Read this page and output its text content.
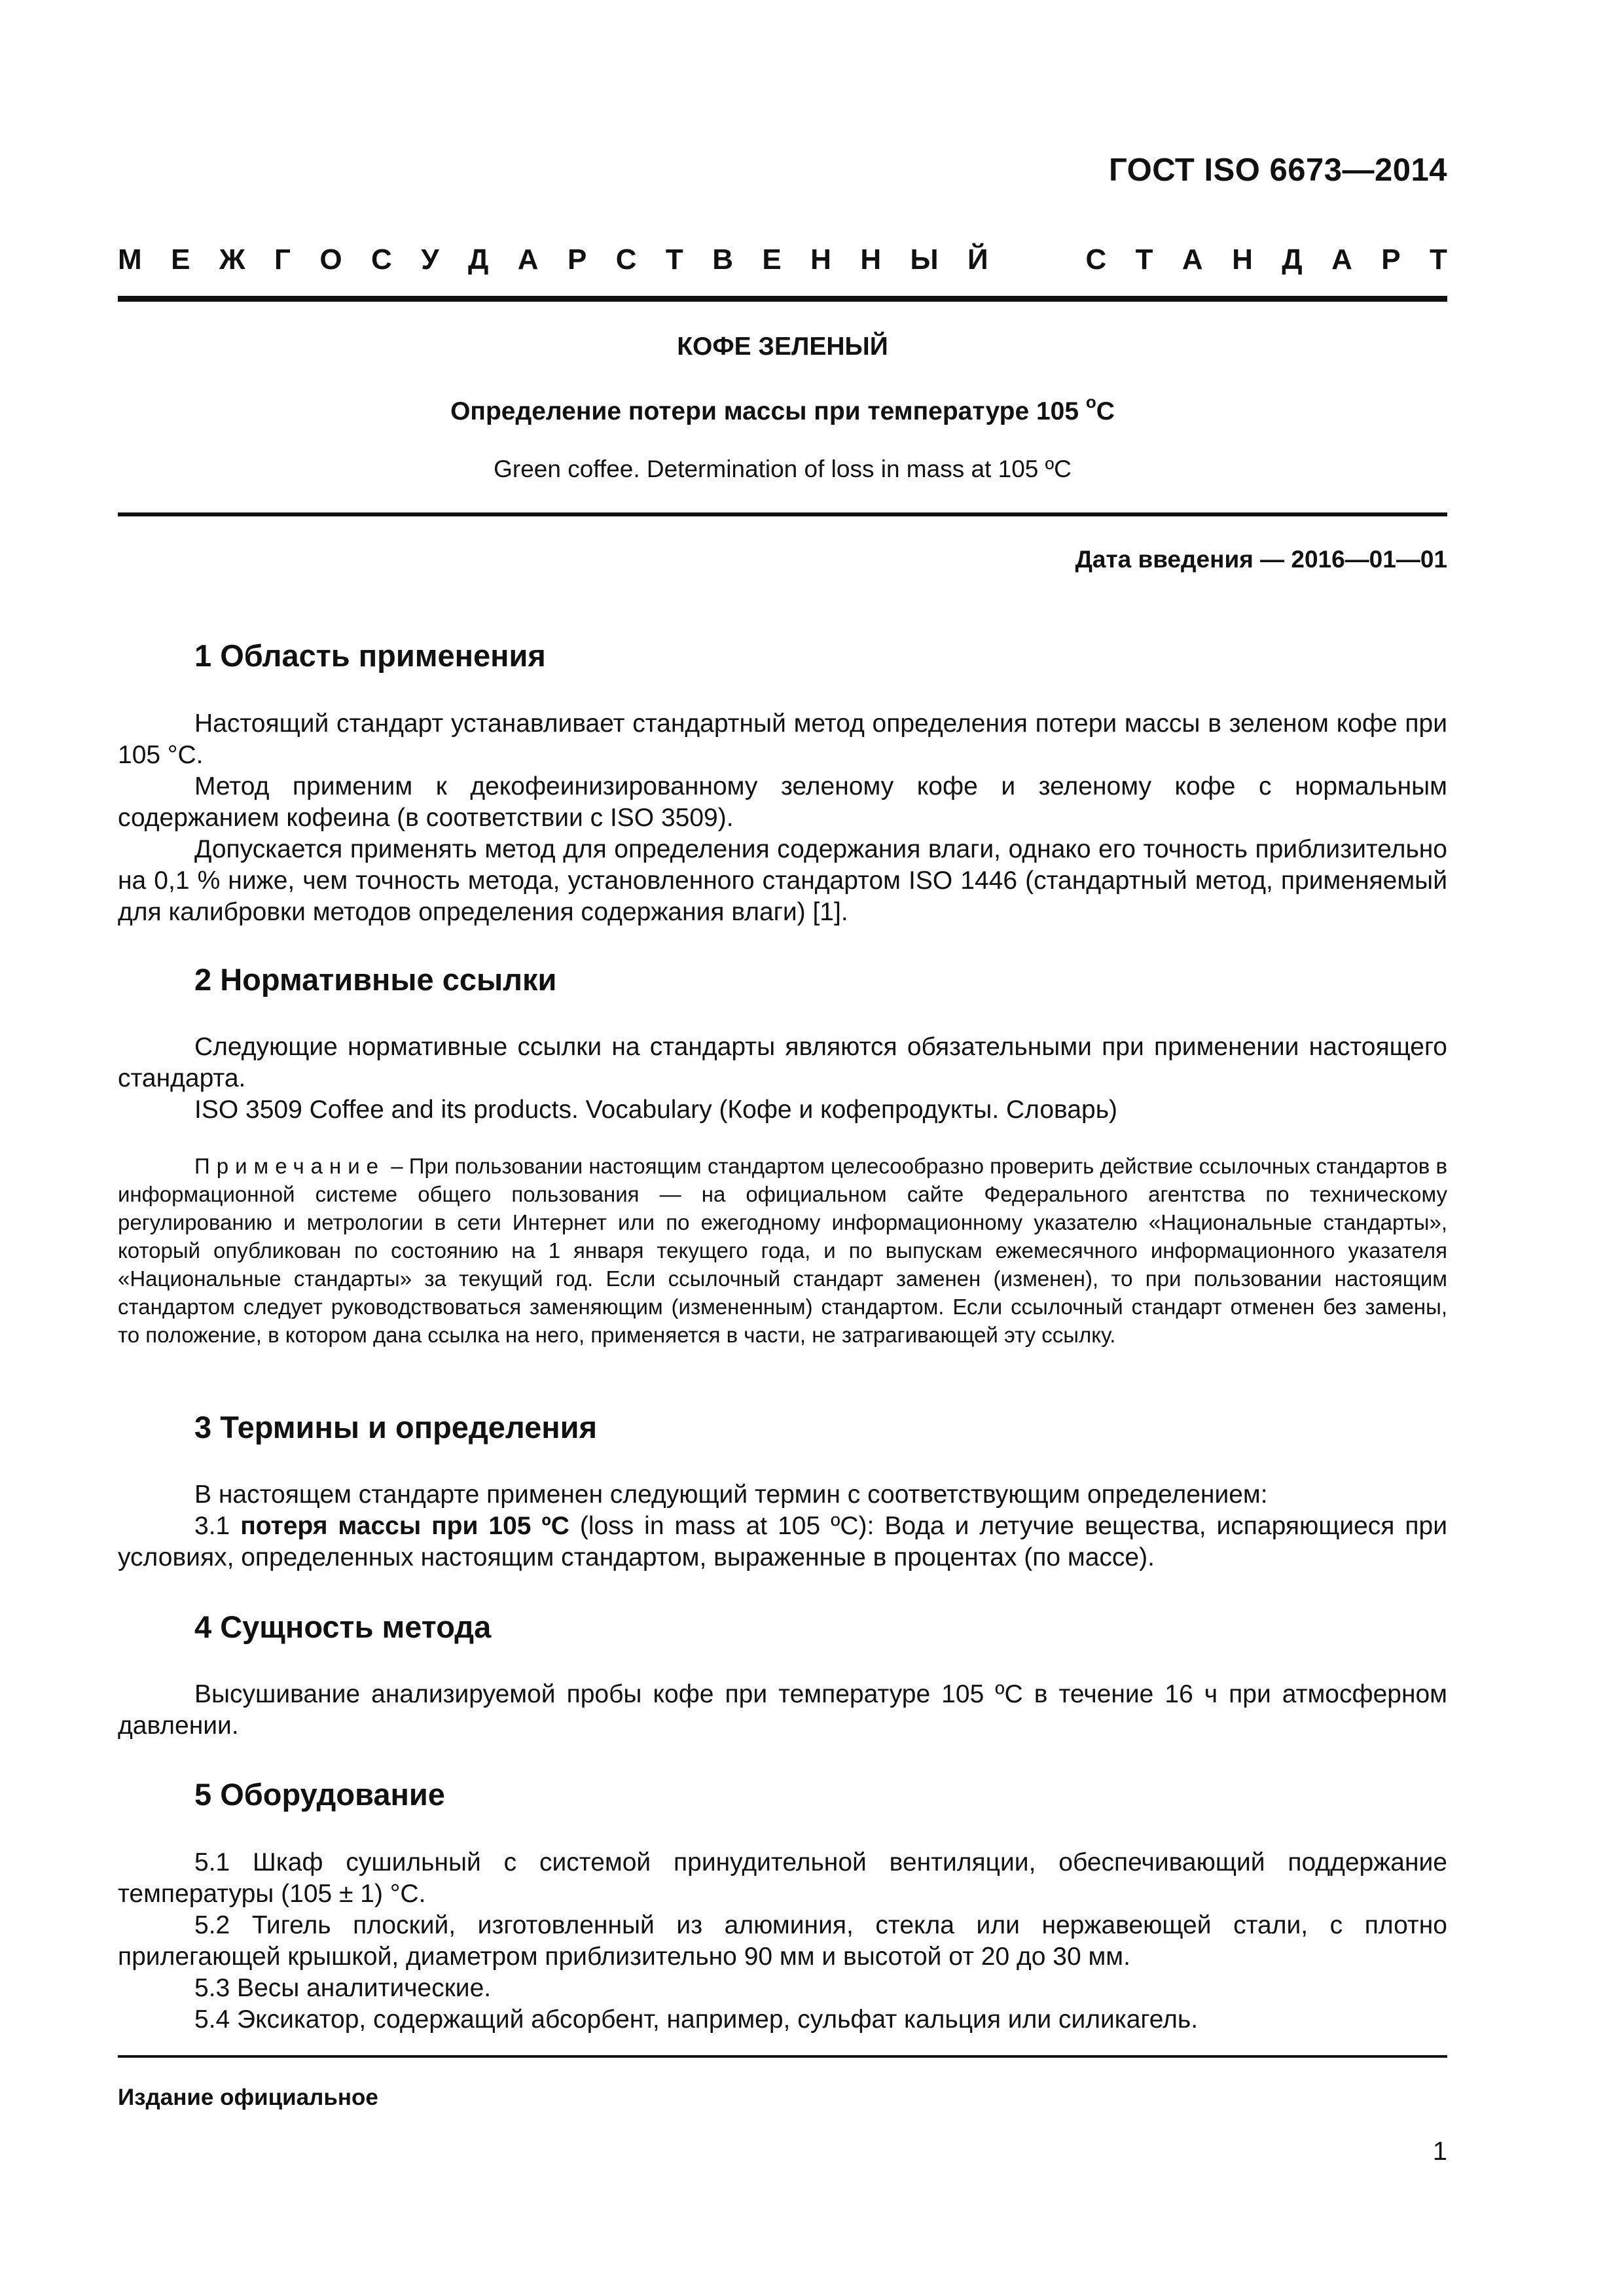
ГОСТ ISO 6673—2014
М Е Ж Г О С У Д А Р С Т В Е Н Н Ы Й	С Т А Н Д А Р Т
КОФЕ ЗЕЛЕНЫЙ
Определение потери массы при температуре 105 $^о$С
Green coffee. Determination of loss in mass at 105 ºC
Дата введения — 2016—01—01
1 Область применения
Настоящий стандарт устанавливает стандартный метод определения потери массы в зеленом кофе при 105 °С.
Метод применим к декофеинизированному зеленому кофе и зеленому кофе с нормальным содержанием кофеина (в соответствии с ISO 3509).
Допускается применять метод для определения содержания влаги, однако его точность приблизительно на 0,1 % ниже, чем точность метода, установленного стандартом ISO 1446 (стандартный метод, применяемый для калибровки методов определения содержания влаги) [1].
2 Нормативные ссылки
Следующие нормативные ссылки на стандарты являются обязательными при применении настоящего стандарта.
ISO 3509 Coffee and its products. Vocabulary (Кофе и кофепродукты. Словарь)
Примечание – При пользовании настоящим стандартом целесообразно проверить действие ссылочных стандартов в информационной системе общего пользования — на официальном сайте Федерального агентства по техническому регулированию и метрологии в сети Интернет или по ежегодному информационному указателю «Национальные стандарты», который опубликован по состоянию на 1 января текущего года, и по выпускам ежемесячного информационного указателя «Национальные стандарты» за текущий год. Если ссылочный стандарт заменен (изменен), то при пользовании настоящим стандартом следует руководствоваться заменяющим (измененным) стандартом. Если ссылочный стандарт отменен без замены, то положение, в котором дана ссылка на него, применяется в части, не затрагивающей эту ссылку.
3 Термины и определения
В настоящем стандарте применен следующий термин с соответствующим определением:
3.1 потеря массы при 105 ºС (loss in mass at 105 ºС): Вода и летучие вещества, испаряющиеся при условиях, определенных настоящим стандартом, выраженные в процентах (по массе).
4 Сущность метода
Высушивание анализируемой пробы кофе при температуре 105 ºС в течение 16 ч при атмосферном давлении.
5 Оборудование
5.1 Шкаф сушильный с системой принудительной вентиляции, обеспечивающий поддержание температуры (105 ± 1) °С.
5.2 Тигель плоский, изготовленный из алюминия, стекла или нержавеющей стали, с плотно прилегающей крышкой, диаметром приблизительно 90 мм и высотой от 20 до 30 мм.
5.3 Весы аналитические.
5.4 Эксикатор, содержащий абсорбент, например, сульфат кальция или силикагель.
Издание официальное
1
